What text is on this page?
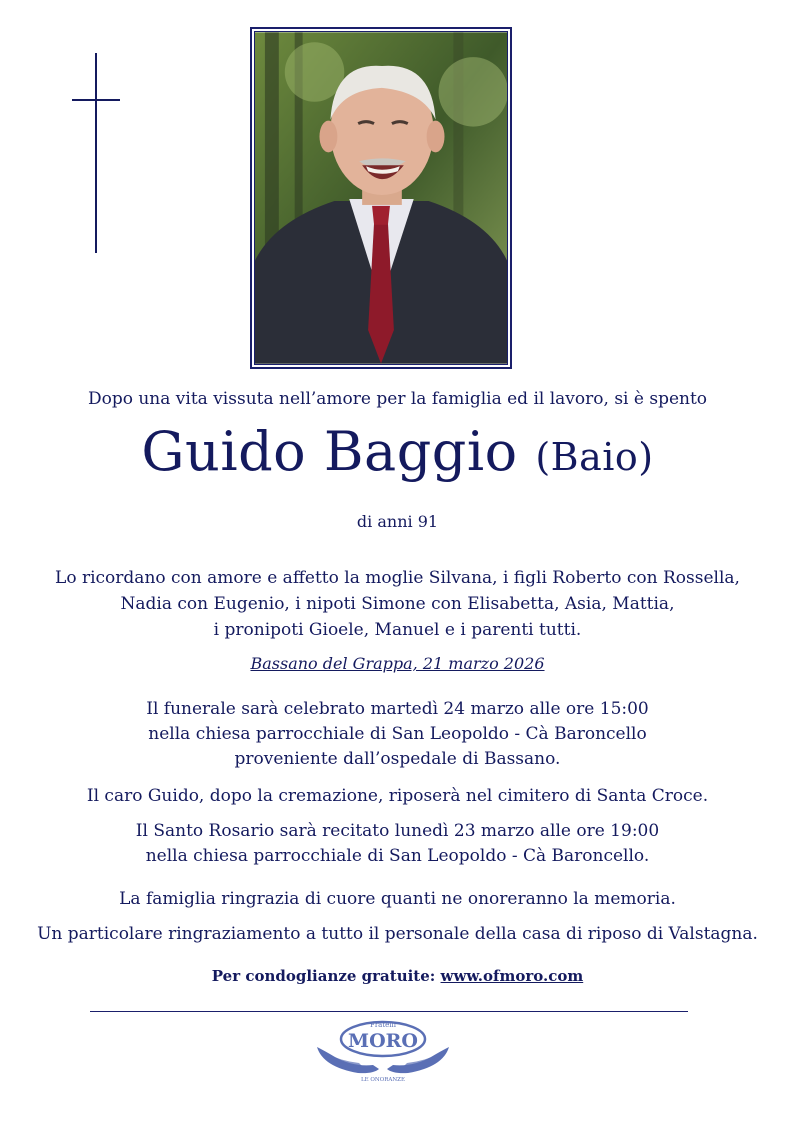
Dopo una vita vissuta nell’amore per la famiglia ed il lavoro, si è spento
Guido Baggio (Baio)
di anni 91
Lo ricordano con amore e affetto la moglie Silvana, i figli Roberto con Rossella,
Nadia con Eugenio, i nipoti Simone con Elisabetta, Asia, Mattia,
i pronipoti Gioele, Manuel e i parenti tutti.
Bassano del Grappa, 21 marzo 2026
Il funerale sarà celebrato martedì 24 marzo alle ore 15:00
nella chiesa parrocchiale di San Leopoldo - Cà Baroncello
proveniente dall’ospedale di Bassano.
Il caro Guido, dopo la cremazione, riposerà nel cimitero di Santa Croce.
Il Santo Rosario sarà recitato lunedì 23 marzo alle ore 19:00
nella chiesa parrocchiale di San Leopoldo - Cà Baroncello.
La famiglia ringrazia di cuore quanti ne onoreranno la memoria.
Un particolare ringraziamento a tutto il personale della casa di riposo di Valstagna.
Per condoglianze gratuite: www.ofmoro.com
Fratelli
MORO
LE ONORANZE
